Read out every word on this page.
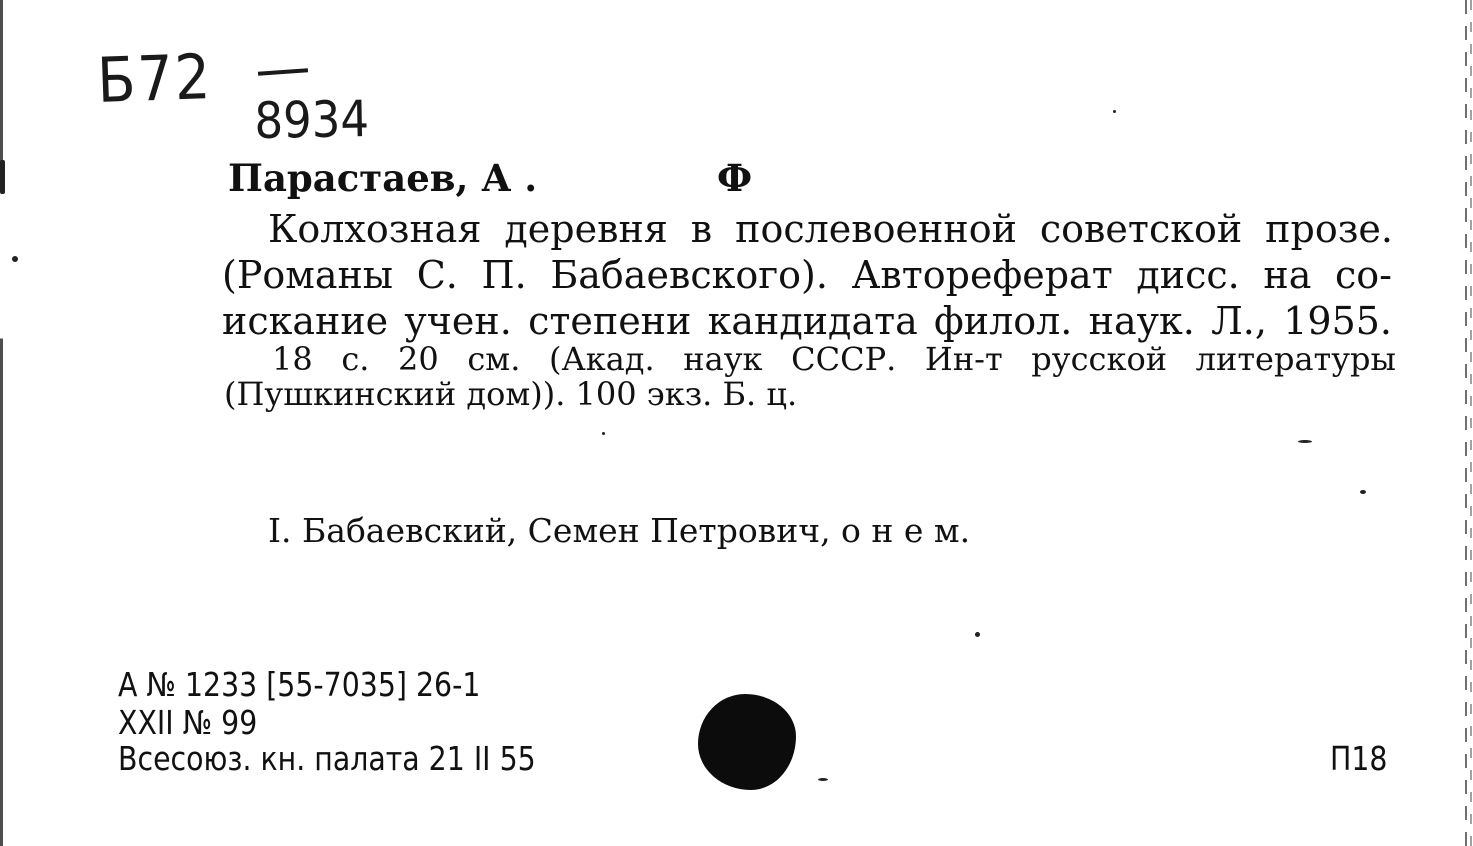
Б72
8934
Парастаев, А .	Ф
Колхозная деревня в послевоенной советской прозе.
(Романы С. П. Бабаевского). Автореферат дисс. на со-
искание учен. степени кандидата филол. наук. Л., 1955.
18 с. 20 см. (Акад. наук СССР. Ин-т русской литературы
(Пушкинский дом)). 100 экз. Б. ц.
I. Бабаевский, Семен Петрович, о н е м.
А № 1233 [55-7035] 26-1
XXII № 99
Всесоюз. кн. палата 21 II 55	П18
